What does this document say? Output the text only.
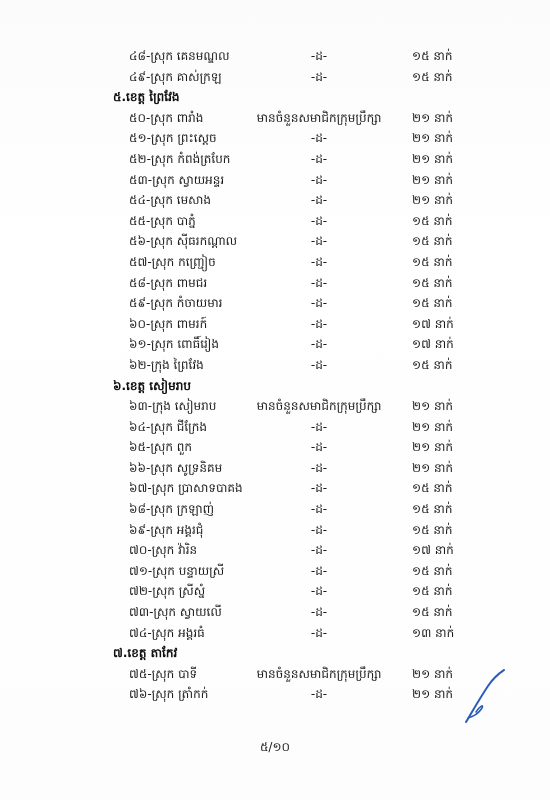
៤៨-ស្រុក គេនមណ្ឌល	-ដ-	១៥ នាក់
៤៩-ស្រុក គាស់ក្រឡ	-ដ-	១៥ នាក់
៥.ខេត្ត ព្រៃវែង
៥០-ស្រុក ពារាំង	មានចំនួនសមាជិកក្រុមប្រឹក្សា	២១ នាក់
៥១-ស្រុក ព្រះស្ដេច	-ដ-	២១ នាក់
៥២-ស្រុក កំពង់ត្របែក	-ដ-	២១ នាក់
៥៣-ស្រុក ស្វាយអន្ទរ	-ដ-	២១ នាក់
៥៤-ស្រុក មេសាង	-ដ-	២១ នាក់
៥៥-ស្រុក បាភ្នំ	-ដ-	១៥ នាក់
៥៦-ស្រុក ស៊ីធរកណ្ដាល	-ដ-	១៥ នាក់
៥៧-ស្រុក កញ្ជ្រៀច	-ដ-	១៥ នាក់
៥៨-ស្រុក ពាមជរ	-ដ-	១៥ នាក់
៥៩-ស្រុក កំចាយមារ	-ដ-	១៥ នាក់
៦០-ស្រុក ពាមរក៍	-ដ-	១៧ នាក់
៦១-ស្រុក ពោធិ៍រៀង	-ដ-	១៧ នាក់
៦២-ក្រុង ព្រៃវែង	-ដ-	១៥ នាក់
៦.ខេត្ត សៀមរាប
៦៣-ក្រុង សៀមរាប	មានចំនួនសមាជិកក្រុមប្រឹក្សា	២១ នាក់
៦៤-ស្រុក ជីក្រែង	-ដ-	២១ នាក់
៦៥-ស្រុក ពួក	-ដ-	២១ នាក់
៦៦-ស្រុក សូទ្រនិគម	-ដ-	២១ នាក់
៦៧-ស្រុក ប្រាសាទបាគង	-ដ-	១៥ នាក់
៦៨-ស្រុក ក្រឡាញ់	-ដ-	១៥ នាក់
៦៩-ស្រុក អង្គរជុំ	-ដ-	១៥ នាក់
៧០-ស្រុក វ៉ារិន	-ដ-	១៧ នាក់
៧១-ស្រុក បន្ទាយស្រី	-ដ-	១៥ នាក់
៧២-ស្រុក ស្រីស្នំ	-ដ-	១៥ នាក់
៧៣-ស្រុក ស្វាយលើ	-ដ-	១៥ នាក់
៧៤-ស្រុក អង្គរធំ	-ដ-	១៣ នាក់
៧.ខេត្ត តាកែវ
៧៥-ស្រុក បាទី	មានចំនួនសមាជិកក្រុមប្រឹក្សា	២១ នាក់
៧៦-ស្រុក ត្រាំកក់	-ដ-	២១ នាក់
៥/១០
